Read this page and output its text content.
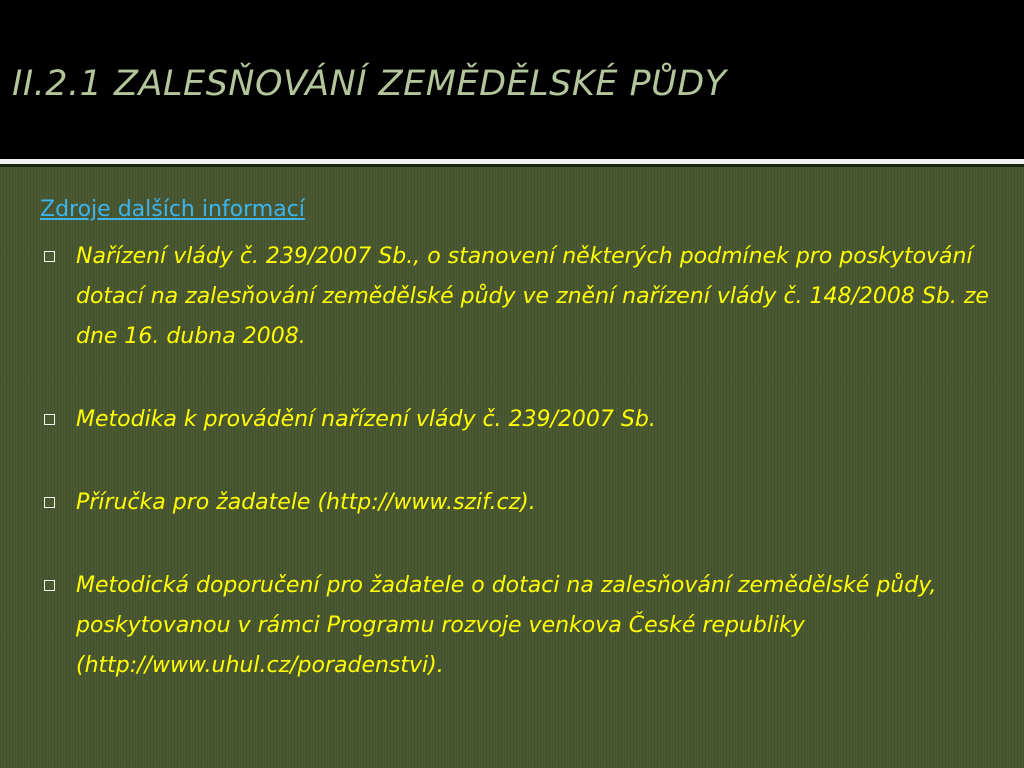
II.2.1 ZALESŇOVÁNÍ ZEMĚDĚLSKÉ PŮDY
Zdroje dalších informací
Nařízení vlády č. 239/2007 Sb., o stanovení některých podmínek pro poskytování dotací na zalesňování zemědělské půdy ve znění nařízení vlády č. 148/2008 Sb. ze dne 16. dubna 2008.
Metodika k provádění nařízení vlády č. 239/2007 Sb.
Příručka pro žadatele (http://www.szif.cz).
Metodická doporučení pro žadatele o dotaci na zalesňování zemědělské půdy, poskytovanou v rámci Programu rozvoje venkova České republiky (http://www.uhul.cz/poradenstvi).
